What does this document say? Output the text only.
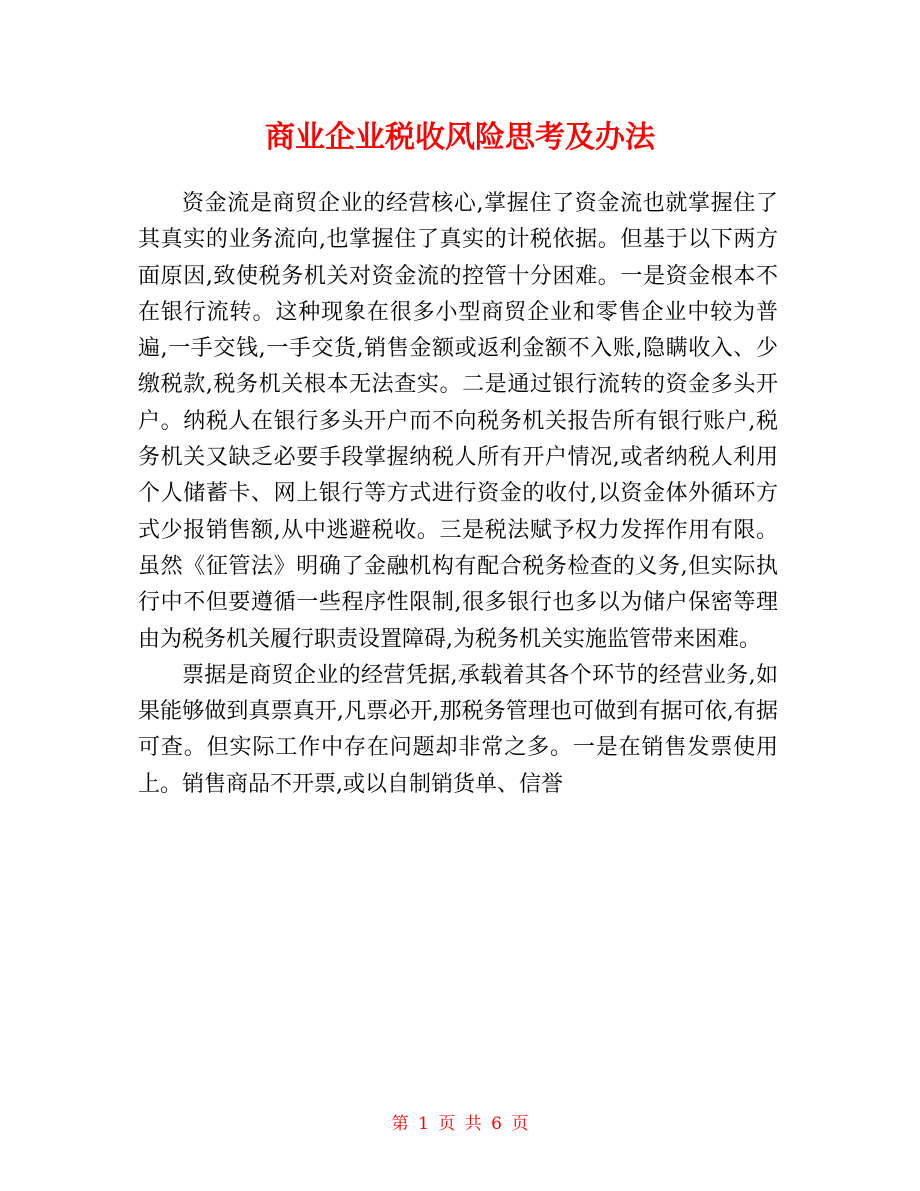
商业企业税收风险思考及办法

资金流是商贸企业的经营核心,掌握住了资金流也就掌握住了其真实的业务流向,也掌握住了真实的计税依据。但基于以下两方面原因,致使税务机关对资金流的控管十分困难。一是资金根本不在银行流转。这种现象在很多小型商贸企业和零售企业中较为普遍,一手交钱,一手交货,销售金额或返利金额不入账,隐瞒收入、少缴税款,税务机关根本无法查实。二是通过银行流转的资金多头开户。纳税人在银行多头开户而不向税务机关报告所有银行账户,税务机关又缺乏必要手段掌握纳税人所有开户情况,或者纳税人利用个人储蓄卡、网上银行等方式进行资金的收付,以资金体外循环方式少报销售额,从中逃避税收。三是税法赋予权力发挥作用有限。虽然《征管法》明确了金融机构有配合税务检查的义务,但实际执行中不但要遵循一些程序性限制,很多银行也多以为储户保密等理由为税务机关履行职责设置障碍,为税务机关实施监管带来困难。

票据是商贸企业的经营凭据,承载着其各个环节的经营业务,如果能够做到真票真开,凡票必开,那税务管理也可做到有据可依,有据可查。但实际工作中存在问题却非常之多。一是在销售发票使用上。销售商品不开票,或以自制销货单、信誉

第 1 页 共 6 页
